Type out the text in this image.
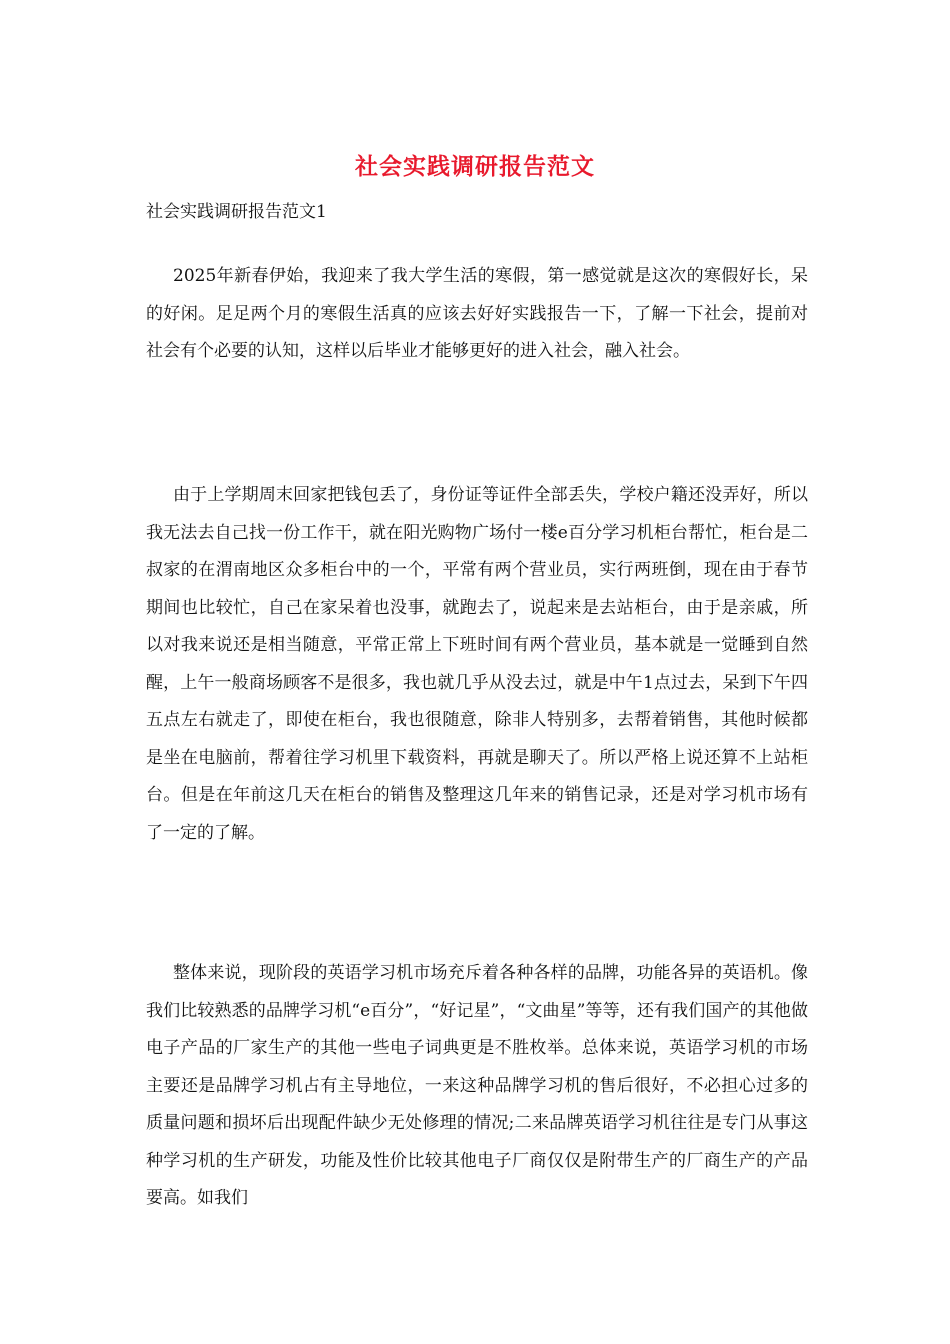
社会实践调研报告范文
社会实践调研报告范文1

2025年新春伊始，我迎来了我大学生活的寒假，第一感觉就是这次的寒假好长，呆的好闲。足足两个月的寒假生活真的应该去好好实践报告一下，了解一下社会，提前对社会有个必要的认知，这样以后毕业才能够更好的进入社会，融入社会。

由于上学期周末回家把钱包丢了，身份证等证件全部丢失，学校户籍还没弄好，所以我无法去自己找一份工作干，就在阳光购物广场付一楼e百分学习机柜台帮忙，柜台是二叔家的在渭南地区众多柜台中的一个，平常有两个营业员，实行两班倒，现在由于春节期间也比较忙，自己在家呆着也没事，就跑去了，说起来是去站柜台，由于是亲戚，所以对我来说还是相当随意，平常正常上下班时间有两个营业员，基本就是一觉睡到自然醒，上午一般商场顾客不是很多，我也就几乎从没去过，就是中午1点过去，呆到下午四五点左右就走了，即使在柜台，我也很随意，除非人特别多，去帮着销售，其他时候都是坐在电脑前，帮着往学习机里下载资料，再就是聊天了。所以严格上说还算不上站柜台。但是在年前这几天在柜台的销售及整理这几年来的销售记录，还是对学习机市场有了一定的了解。

整体来说，现阶段的英语学习机市场充斥着各种各样的品牌，功能各异的英语机。像我们比较熟悉的品牌学习机“e百分”，“好记星”，“文曲星”等等，还有我们国产的其他做电子产品的厂家生产的其他一些电子词典更是不胜枚举。总体来说，英语学习机的市场主要还是品牌学习机占有主导地位，一来这种品牌学习机的售后很好，不必担心过多的质量问题和损坏后出现配件缺少无处修理的情况;二来品牌英语学习机往往是专门从事这种学习机的生产研发，功能及性价比较其他电子厂商仅仅是附带生产的厂商生产的产品要高。如我们
